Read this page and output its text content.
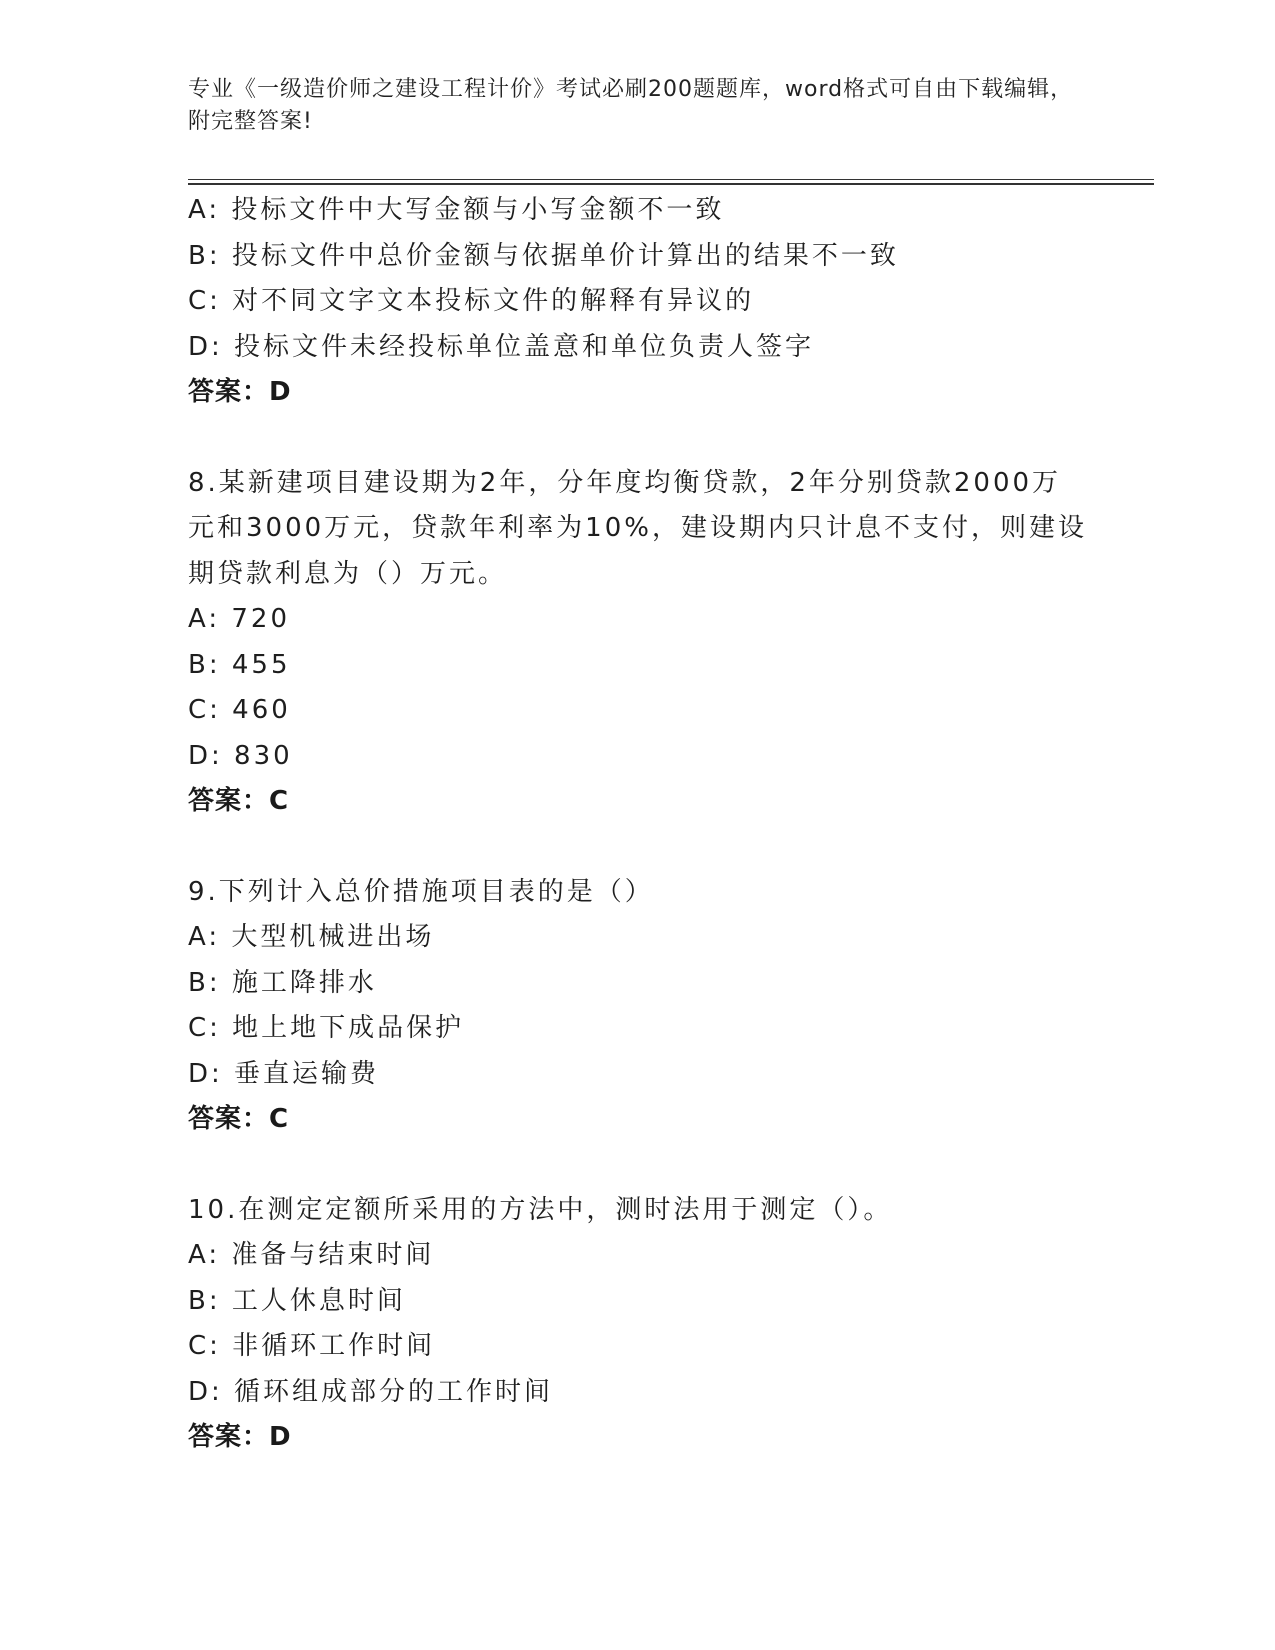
专业《一级造价师之建设工程计价》考试必刷200题题库，word格式可自由下载编辑，附完整答案!
A: 投标文件中大写金额与小写金额不一致
B: 投标文件中总价金额与依据单价计算出的结果不一致
C: 对不同文字文本投标文件的解释有异议的
D: 投标文件未经投标单位盖意和单位负责人签字
答案：D
8.某新建项目建设期为2年，分年度均衡贷款，2年分别贷款2000万元和3000万元，贷款年利率为10%，建设期内只计息不支付，则建设期贷款利息为（）万元。
A: 720
B: 455
C: 460
D: 830
答案：C
9.下列计入总价措施项目表的是（）
A: 大型机械进出场
B: 施工降排水
C: 地上地下成品保护
D: 垂直运输费
答案：C
10.在测定定额所采用的方法中，测时法用于测定（）。
A: 准备与结束时间
B: 工人休息时间
C: 非循环工作时间
D: 循环组成部分的工作时间
答案：D
